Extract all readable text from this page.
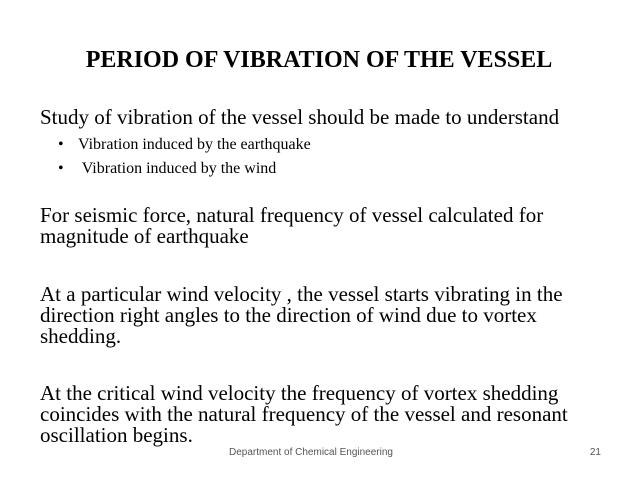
PERIOD OF VIBRATION OF THE VESSEL
Study of vibration of the vessel should be made to understand
• Vibration induced by the earthquake
• Vibration induced by the wind
For seismic force, natural frequency of vessel calculated for magnitude of earthquake
At a particular wind velocity , the vessel starts vibrating in the direction right angles to the direction of wind due to vortex shedding.
At the critical wind velocity the frequency of vortex shedding coincides with the natural frequency of the vessel and resonant oscillation begins.
Department of Chemical Engineering	21
